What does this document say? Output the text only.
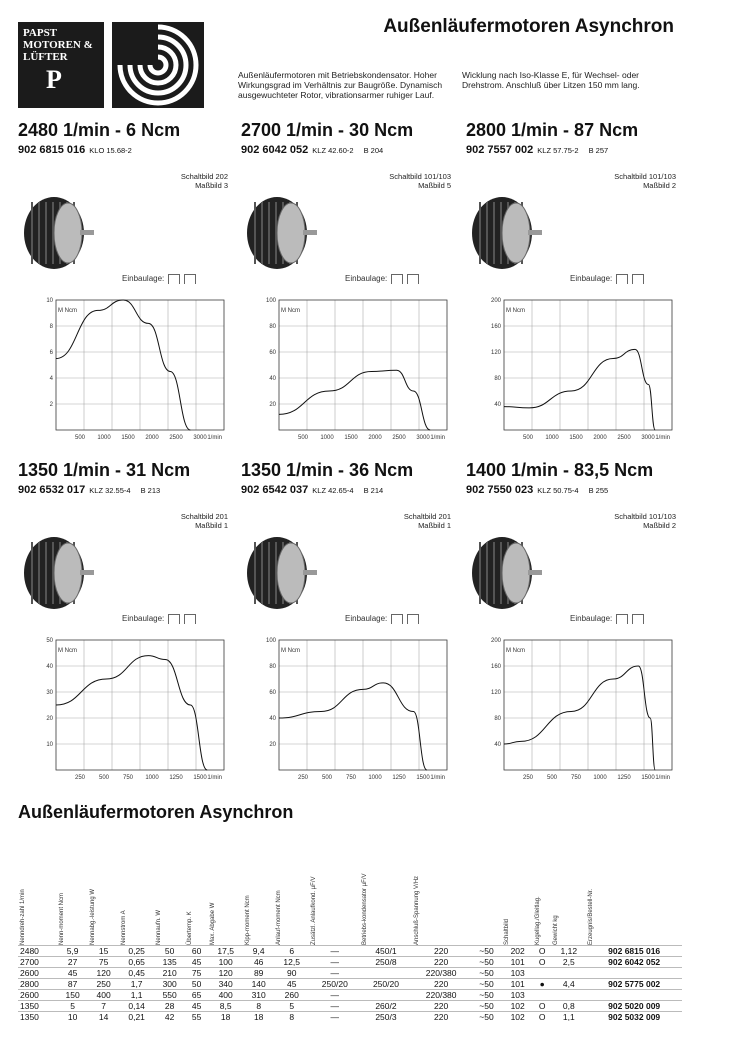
PAPST
MOTOREN &
LÜFTER
P
Außenläufermotoren Asynchron
Außenläufermotoren mit Betriebskondensator. Hoher Wirkungsgrad im Verhältnis zur Baugröße. Dynamisch ausgewuchteter Rotor, vibrationsarmer ruhiger Lauf.
Wicklung nach Iso-Klasse E, für Wechsel- oder Drehstrom. Anschluß über Litzen 150 mm lang.
2480 1/min - 6 Ncm
902 6815 016 KLO 15.68-2
Schaltbild 202
Maßbild 3
Einbaulage:
10
8
6
4
2
500 1000 1500 2000 2500 3000
M Ncm
1/min
2700 1/min - 30 Ncm
902 6042 052 KLZ 42.60-2 B 204
Schaltbild 101/103
Maßbild 5
Einbaulage:
100
80
60
40
20
500 1000 1500 2000 2500 3000
M Ncm
1/min
2800 1/min - 87 Ncm
902 7557 002 KLZ 57.75-2 B 257
Schaltbild 101/103
Maßbild 2
Einbaulage:
200
160
120
80
40
500 1000 1500 2000 2500 3000
M Ncm
1/min
1350 1/min - 31 Ncm
902 6532 017 KLZ 32.55-4 B 213
Schaltbild 201
Maßbild 1
Einbaulage:
50
40
30
20
10
250 500 750 1000 1250 1500
M Ncm
1/min
1350 1/min - 36 Ncm
902 6542 037 KLZ 42.65-4 B 214
Schaltbild 201
Maßbild 1
Einbaulage:
100
80
60
40
20
250 500 750 1000 1250 1500
M Ncm
1/min
1400 1/min - 83,5 Ncm
902 7550 023 KLZ 50.75-4 B 255
Schaltbild 101/103
Maßbild 2
Einbaulage:
200
160
120
80
40
250 500 750 1000 1250 1500
M Ncm
1/min
Außenläufermotoren Asynchron
Nenndreh-zahl 1/min	Nenn-moment Ncm	Nennabg.-leistung W	Nennstrom A	Nennaufn. W	Übertemp. K	Max. Abgabe W	Kipp-moment Ncm	Anlauf-moment Ncm	Zusätzl. Anlaufkond. µF/V	Betriebs-kondensator µF/V	Anschluß-Spannung V/Hz		Schaltbild	Kugellag./Gleitlag.	Gewicht kg	Erzeugnis/Bestell-Nr.

2480	5,9	15	0,25	50	60	17,5	9,4	6	—	450/1	220	~50	202	O	1,12	902 6815 016
2700	27	75	0,65	135	45	100	46	12,5	—	250/8	220	~50	101	O	2,5	902 6042 052
2600	45	120	0,45	210	75	120	89	90	—		220/380	~50	103			
2800	87	250	1,7	300	50	340	140	45	250/20	250/20	220	~50	101	●	4,4	902 5775 002
2600	150	400	1,1	550	65	400	310	260	—		220/380	~50	103			
1350	5	7	0,14	28	45	8,5	8	5	—	260/2	220	~50	102	O	0,8	902 5020 009
1350	10	14	0,21	42	55	18	18	8	—	250/3	220	~50	102	O	1,1	902 5032 009
